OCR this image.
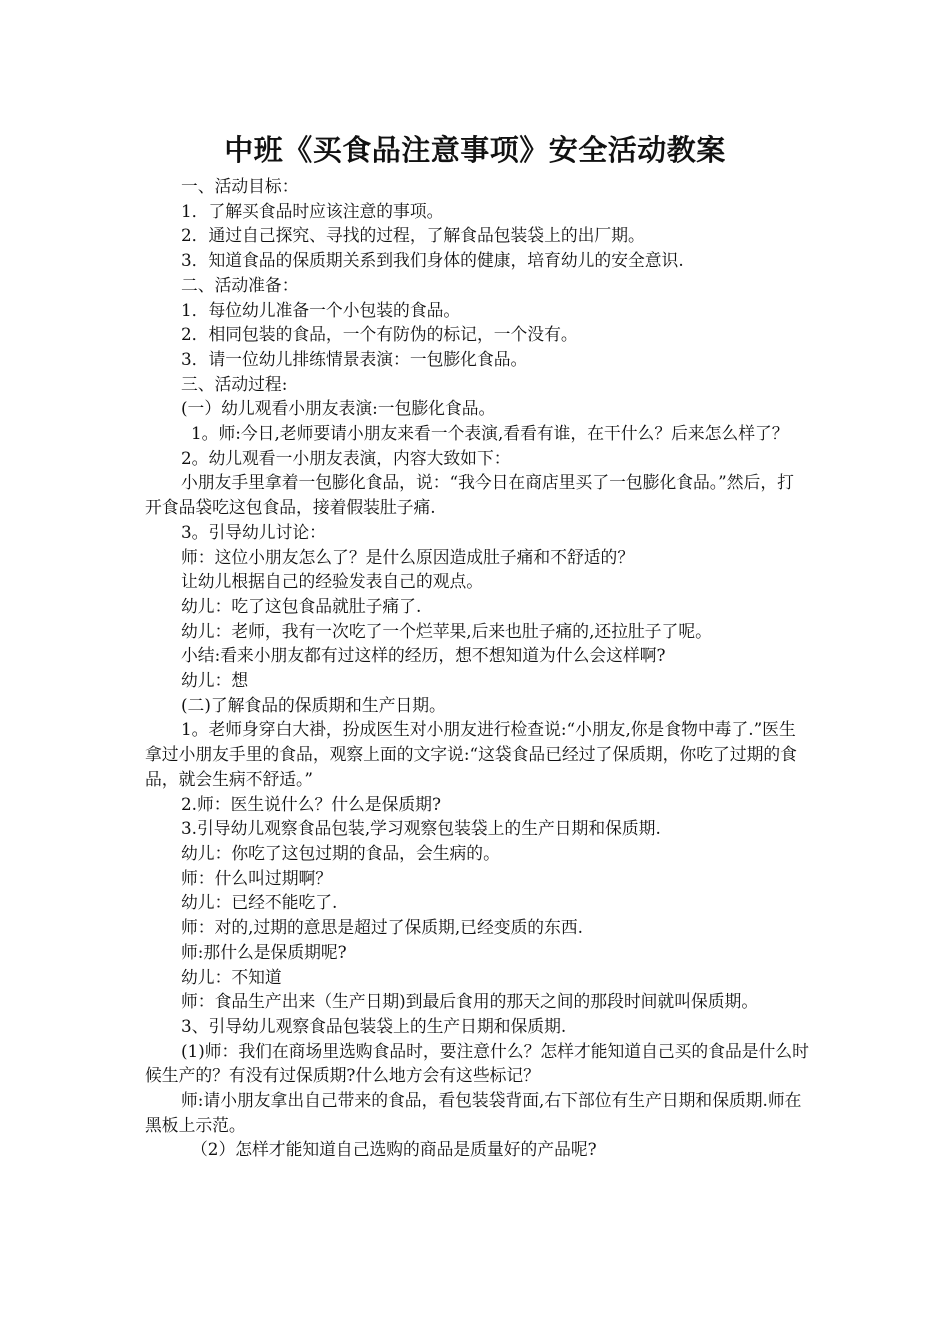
中班《买食品注意事项》安全活动教案

一、活动目标：

1．了解买食品时应该注意的事项。

2．通过自己探究、寻找的过程，了解食品包装袋上的出厂期。

3．知道食品的保质期关系到我们身体的健康，培育幼儿的安全意识.

二、活动准备：

1．每位幼儿准备一个小包装的食品。

2．相同包装的食品，一个有防伪的标记，一个没有。

3．请一位幼儿排练情景表演：一包膨化食品。

三、活动过程:

(一）幼儿观看小朋友表演:一包膨化食品。

1。师:今日,老师要请小朋友来看一个表演,看看有谁，在干什么？后来怎么样了？

2。幼儿观看一小朋友表演，内容大致如下：

小朋友手里拿着一包膨化食品，说：“我今日在商店里买了一包膨化食品。”然后，打开食品袋吃这包食品，接着假装肚子痛.

3。引导幼儿讨论：

师：这位小朋友怎么了？是什么原因造成肚子痛和不舒适的？

让幼儿根据自己的经验发表自己的观点。

幼儿：吃了这包食品就肚子痛了.

幼儿：老师，我有一次吃了一个烂苹果,后来也肚子痛的,还拉肚子了呢。

小结:看来小朋友都有过这样的经历，想不想知道为什么会这样啊?

幼儿：想

(二)了解食品的保质期和生产日期。

1。老师身穿白大褂，扮成医生对小朋友进行检查说:“小朋友,你是食物中毒了.”医生拿过小朋友手里的食品，观察上面的文字说:“这袋食品已经过了保质期，你吃了过期的食品，就会生病不舒适。”

2.师：医生说什么？什么是保质期?

3.引导幼儿观察食品包装,学习观察包装袋上的生产日期和保质期.

幼儿：你吃了这包过期的食品，会生病的。

师：什么叫过期啊？

幼儿：已经不能吃了.

师：对的,过期的意思是超过了保质期,已经变质的东西.

师:那什么是保质期呢?

幼儿：不知道

师：食品生产出来（生产日期)到最后食用的那天之间的那段时间就叫保质期。

3、引导幼儿观察食品包装袋上的生产日期和保质期.

(1)师：我们在商场里选购食品时，要注意什么？怎样才能知道自己买的食品是什么时候生产的？有没有过保质期?什么地方会有这些标记？

师:请小朋友拿出自己带来的食品，看包装袋背面,右下部位有生产日期和保质期.师在黑板上示范。

（2）怎样才能知道自己选购的商品是质量好的产品呢?
